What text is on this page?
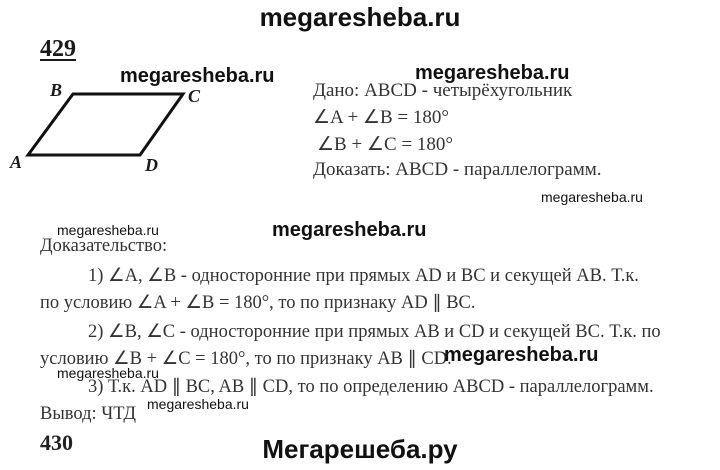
megaresheba.ru
429
B	C
A	D
megaresheba.ru	megaresheba.ru
Дано: ABCD - четырёхугольник
∠A + ∠B = 180°
∠B + ∠C = 180°
Доказать: ABCD - параллелограмм.
megaresheba.ru
megaresheba.ru	megaresheba.ru
Доказательство:
1) ∠A, ∠B - односторонние при прямых AD и BC и секущей AB. Т.к.
по условию ∠A + ∠B = 180°, то по признаку AD ∥ BC.
2) ∠B, ∠C - односторонние при прямых AB и CD и секущей BC. Т.к. по
условию ∠B + ∠C = 180°, то по признаку AB ∥ CD.
megaresheba.ru
megaresheba.ru
3) Т.к. AD ∥ BC, AB ∥ CD, то по определению ABCD - параллелограмм.
megaresheba.ru
Вывод: ЧТД
430	Мегарешеба.ру
